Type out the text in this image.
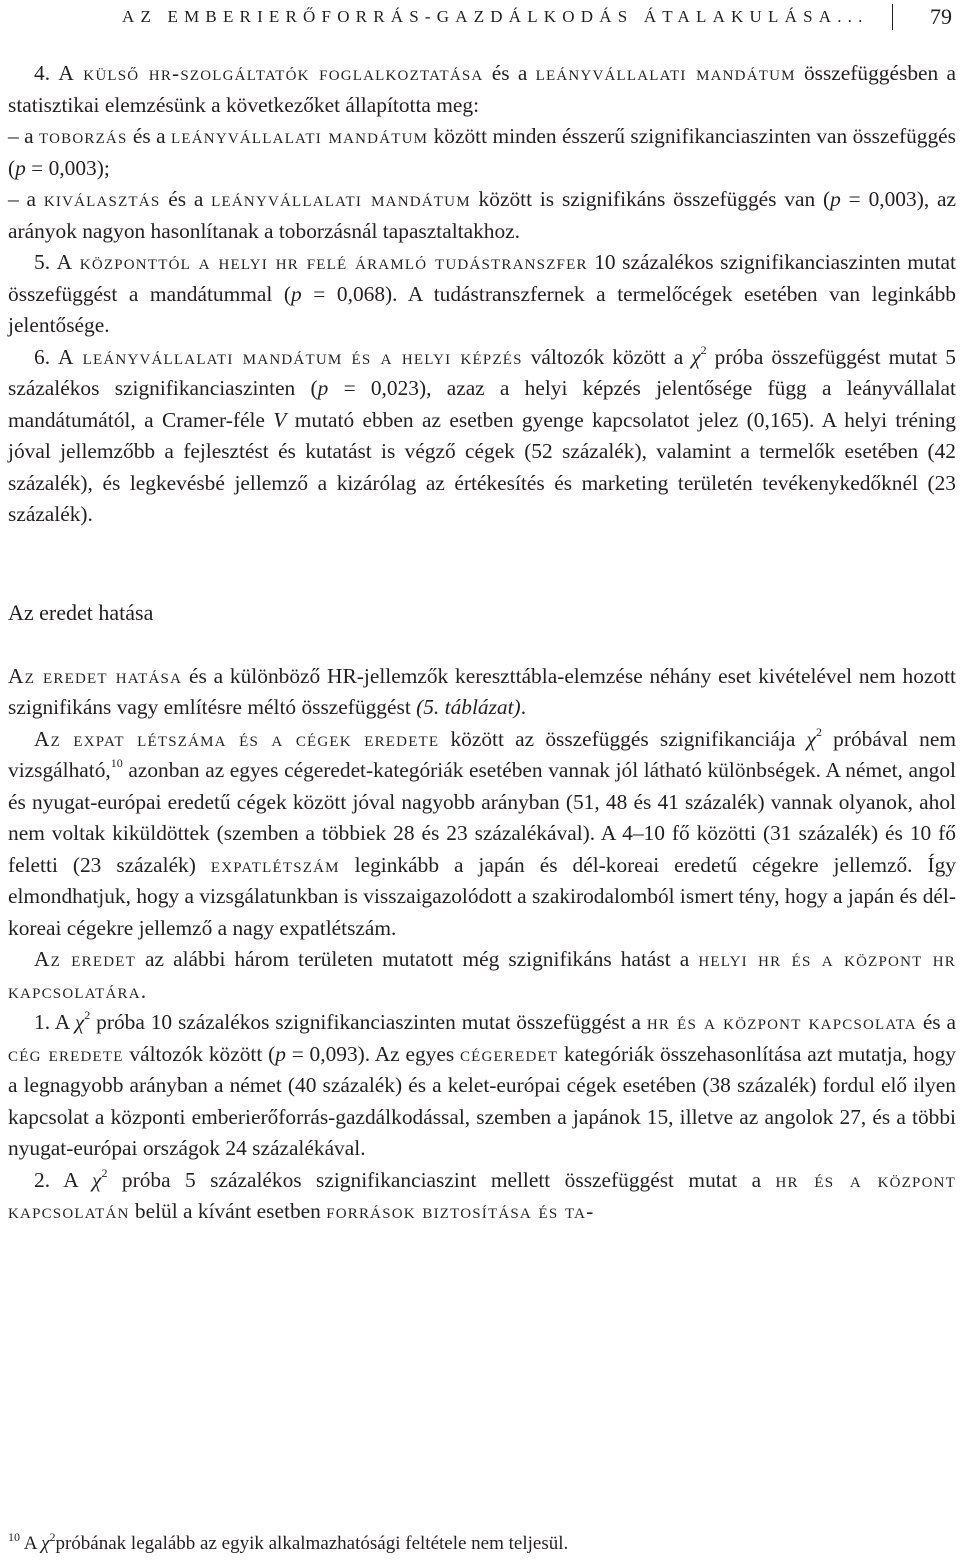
AZ EMBERIERŐFORRÁS-GAZDÁLKODÁS ÁTALAKULÁSA...	79

4. A külső hr-szolgáltatók foglalkoztatása és a leányvállalati mandátum összefüggésben a statisztikai elemzésünk a következőket állapította meg:

– a toborzás és a leányvállalati mandátum között minden ésszerű szignifikanciaszinten van összefüggés (p = 0,003);

– a kiválasztás és a leányvállalati mandátum között is szignifikáns összefüggés van (p = 0,003), az arányok nagyon hasonlítanak a toborzásnál tapasztaltakhoz.

5. A központtól a helyi hr felé áramló tudástranszfer 10 százalékos szignifikanciaszinten mutat összefüggést a mandátummal (p = 0,068). A tudástranszfernek a termelőcégek esetében van leginkább jelentősége.

6. A leányvállalati mandátum és a helyi képzés változók között a $\chi^2$ próba összefüggést mutat 5 százalékos szignifikanciaszinten (p = 0,023), azaz a helyi képzés jelentősége függ a leányvállalat mandátumától, a Cramer-féle V mutató ebben az esetben gyenge kapcsolatot jelez (0,165). A helyi tréning jóval jellemzőbb a fejlesztést és kutatást is végző cégek (52 százalék), valamint a termelők esetében (42 százalék), és legkevésbé jellemző a kizárólag az értékesítés és marketing területén tevékenykedőknél (23 százalék).

Az eredet hatása

Az eredet hatása és a különböző HR-jellemzők kereszttábla-elemzése néhány eset kivételével nem hozott szignifikáns vagy említésre méltó összefüggést (5. táblázat).

Az expat létszáma és a cégek eredete között az összefüggés szignifikanciája $\chi^2$ próbával nem vizsgálható,$^{10}$ azonban az egyes cégeredet-kategóriák esetében vannak jól látható különbségek. A német, angol és nyugat-európai eredetű cégek között jóval nagyobb arányban (51, 48 és 41 százalék) vannak olyanok, ahol nem voltak kiküldöttek (szemben a többiek 28 és 23 százalékával). A 4–10 fő közötti (31 százalék) és 10 fő feletti (23 százalék) expatlétszám leginkább a japán és dél-koreai eredetű cégekre jellemző. Így elmondhatjuk, hogy a vizsgálatunkban is visszaigazolódott a szakirodalomból ismert tény, hogy a japán és dél-koreai cégekre jellemző a nagy expatlétszám.

Az eredet az alábbi három területen mutatott még szignifikáns hatást a helyi hr és a központ hr kapcsolatára.

1. A $\chi^2$ próba 10 százalékos szignifikanciaszinten mutat összefüggést a hr és a központ kapcsolata és a cég eredete változók között (p = 0,093). Az egyes cégeredet kategóriák összehasonlítása azt mutatja, hogy a legnagyobb arányban a német (40 százalék) és a kelet-európai cégek esetében (38 százalék) fordul elő ilyen kapcsolat a központi emberierőforrás-gazdálkodással, szemben a japánok 15, illetve az angolok 27, és a többi nyugat-európai országok 24 százalékával.

2. A $\chi^2$ próba 5 százalékos szignifikanciaszint mellett összefüggést mutat a hr és a központ kapcsolatán belül a kívánt esetben források biztosítása és ta-

$^{10}$ A $\chi^2próbának$ legalább az egyik alkalmazhatósági feltétele nem teljesül.
